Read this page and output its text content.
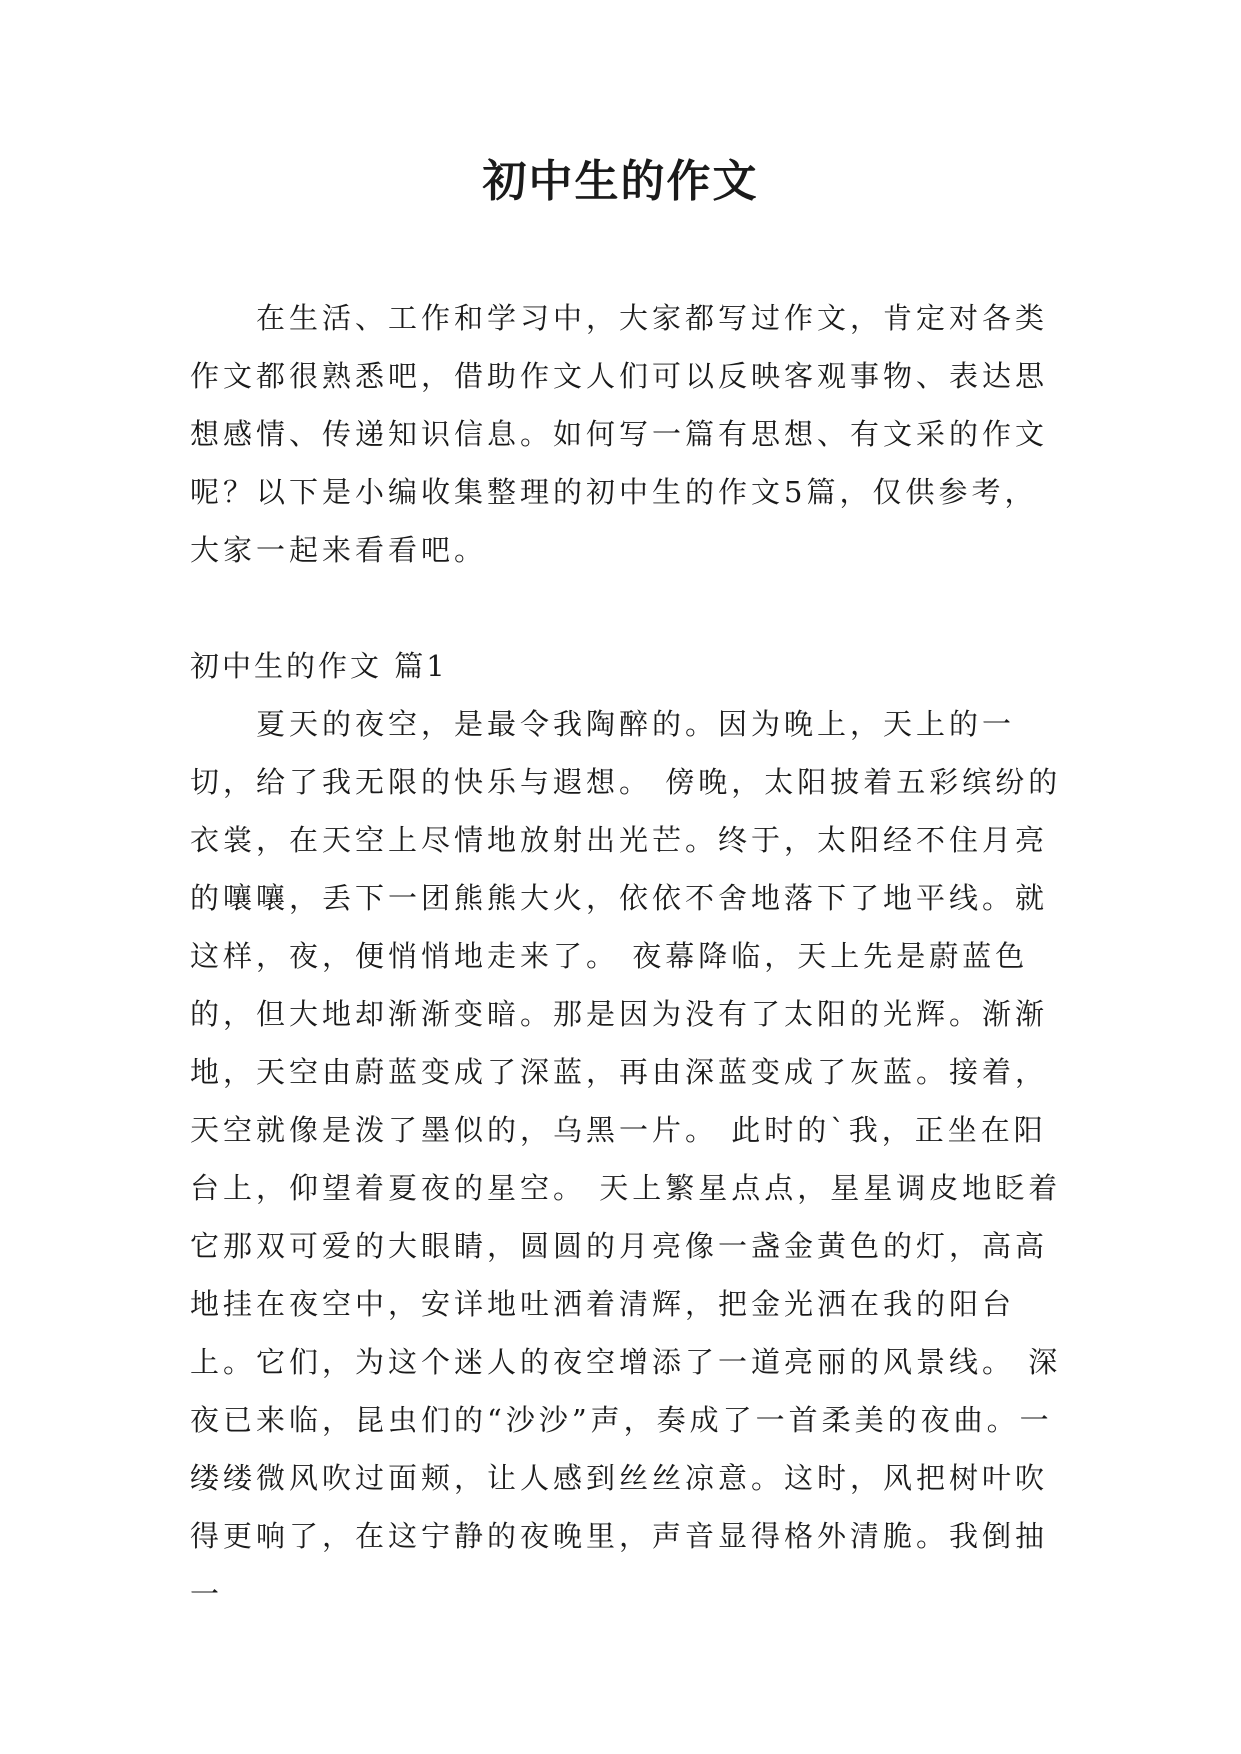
初中生的作文

在生活、工作和学习中，大家都写过作文，肯定对各类作文都很熟悉吧，借助作文人们可以反映客观事物、表达思想感情、传递知识信息。如何写一篇有思想、有文采的作文呢？以下是小编收集整理的初中生的作文5篇，仅供参考，大家一起来看看吧。

初中生的作文 篇1

夏天的夜空，是最令我陶醉的。因为晚上，天上的一切，给了我无限的快乐与遐想。 傍晚，太阳披着五彩缤纷的衣裳，在天空上尽情地放射出光芒。终于，太阳经不住月亮的嚷嚷，丢下一团熊熊大火，依依不舍地落下了地平线。就这样，夜，便悄悄地走来了。 夜幕降临，天上先是蔚蓝色的，但大地却渐渐变暗。那是因为没有了太阳的光辉。渐渐地，天空由蔚蓝变成了深蓝，再由深蓝变成了灰蓝。接着，天空就像是泼了墨似的，乌黑一片。 此时的`我，正坐在阳台上，仰望着夏夜的星空。 天上繁星点点，星星调皮地眨着它那双可爱的大眼睛，圆圆的月亮像一盏金黄色的灯，高高地挂在夜空中，安详地吐洒着清辉，把金光洒在我的阳台上。它们，为这个迷人的夜空增添了一道亮丽的风景线。 深夜已来临，昆虫们的“沙沙”声，奏成了一首柔美的夜曲。一缕缕微风吹过面颊，让人感到丝丝凉意。这时，风把树叶吹得更响了，在这宁静的夜晚里，声音显得格外清脆。我倒抽一
